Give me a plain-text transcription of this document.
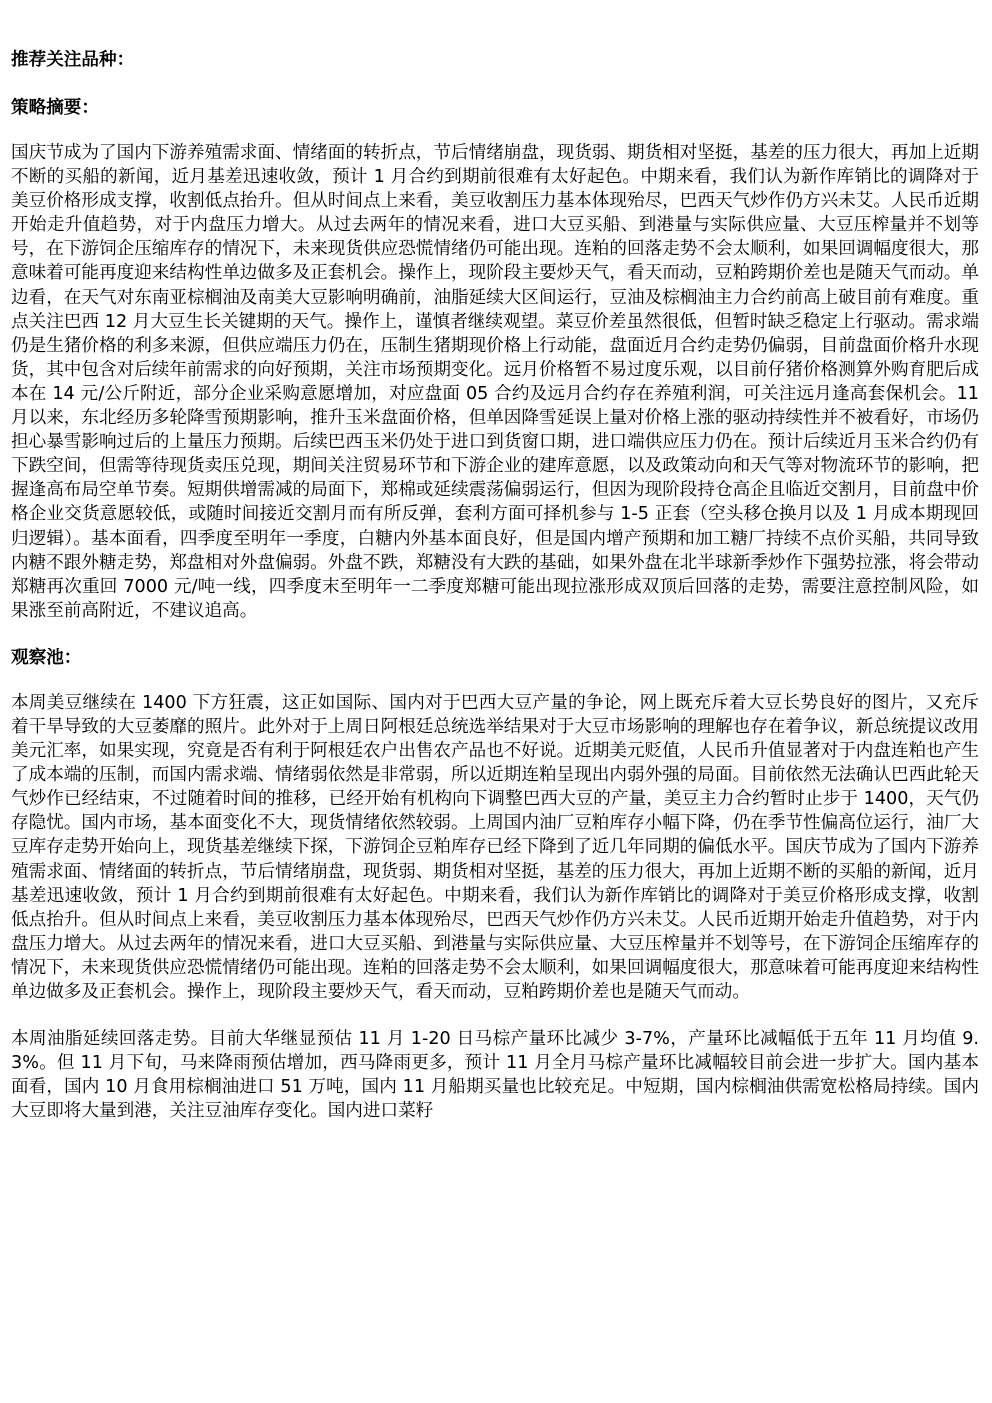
推荐关注品种：

策略摘要：

国庆节成为了国内下游养殖需求面、情绪面的转折点，节后情绪崩盘，现货弱、期货相对坚挺，基差的压力很大，再加上近期不断的买船的新闻，近月基差迅速收敛，预计 1 月合约到期前很难有太好起色。中期来看，我们认为新作库销比的调降对于美豆价格形成支撑，收割低点抬升。但从时间点上来看，美豆收割压力基本体现殆尽，巴西天气炒作仍方兴未艾。人民币近期开始走升值趋势，对于内盘压力增大。从过去两年的情况来看，进口大豆买船、到港量与实际供应量、大豆压榨量并不划等号，在下游饲企压缩库存的情况下，未来现货供应恐慌情绪仍可能出现。连粕的回落走势不会太顺利，如果回调幅度很大，那意味着可能再度迎来结构性单边做多及正套机会。操作上，现阶段主要炒天气，看天而动，豆粕跨期价差也是随天气而动。单边看，在天气对东南亚棕榈油及南美大豆影响明确前，油脂延续大区间运行，豆油及棕榈油主力合约前高上破目前有难度。重点关注巴西 12 月大豆生长关键期的天气。操作上，谨慎者继续观望。菜豆价差虽然很低，但暂时缺乏稳定上行驱动。需求端仍是生猪价格的利多来源，但供应端压力仍在，压制生猪期现价格上行动能，盘面近月合约走势仍偏弱，目前盘面价格升水现货，其中包含对后续年前需求的向好预期，关注市场预期变化。远月价格暂不易过度乐观，以目前仔猪价格测算外购育肥后成本在 14 元/公斤附近，部分企业采购意愿增加，对应盘面 05 合约及远月合约存在养殖利润，可关注远月逢高套保机会。11 月以来，东北经历多轮降雪预期影响，推升玉米盘面价格，但单因降雪延误上量对价格上涨的驱动持续性并不被看好，市场仍担心暴雪影响过后的上量压力预期。后续巴西玉米仍处于进口到货窗口期，进口端供应压力仍在。预计后续近月玉米合约仍有下跌空间，但需等待现货卖压兑现，期间关注贸易环节和下游企业的建库意愿，以及政策动向和天气等对物流环节的影响，把握逢高布局空单节奏。短期供增需减的局面下，郑棉或延续震荡偏弱运行，但因为现阶段持仓高企且临近交割月，目前盘中价格企业交货意愿较低，或随时间接近交割月而有所反弹，套利方面可择机参与 1-5 正套（空头移仓换月以及 1 月成本期现回归逻辑）。基本面看，四季度至明年一季度，白糖内外基本面良好，但是国内增产预期和加工糖厂持续不点价买船，共同导致内糖不跟外糖走势，郑盘相对外盘偏弱。外盘不跌，郑糖没有大跌的基础，如果外盘在北半球新季炒作下强势拉涨，将会带动郑糖再次重回 7000 元/吨一线，四季度末至明年一二季度郑糖可能出现拉涨形成双顶后回落的走势，需要注意控制风险，如果涨至前高附近，不建议追高。

观察池：

本周美豆继续在 1400 下方狂震，这正如国际、国内对于巴西大豆产量的争论，网上既充斥着大豆长势良好的图片，又充斥着干旱导致的大豆萎靡的照片。此外对于上周日阿根廷总统选举结果对于大豆市场影响的理解也存在着争议，新总统提议改用美元汇率，如果实现，究竟是否有利于阿根廷农户出售农产品也不好说。近期美元贬值，人民币升值显著对于内盘连粕也产生了成本端的压制，而国内需求端、情绪弱依然是非常弱，所以近期连粕呈现出内弱外强的局面。目前依然无法确认巴西此轮天气炒作已经结束，不过随着时间的推移，已经开始有机构向下调整巴西大豆的产量，美豆主力合约暂时止步于 1400，天气仍存隐忧。国内市场，基本面变化不大，现货情绪依然较弱。上周国内油厂豆粕库存小幅下降，仍在季节性偏高位运行，油厂大豆库存走势开始向上，现货基差继续下探，下游饲企豆粕库存已经下降到了近几年同期的偏低水平。国庆节成为了国内下游养殖需求面、情绪面的转折点，节后情绪崩盘，现货弱、期货相对坚挺，基差的压力很大，再加上近期不断的买船的新闻，近月基差迅速收敛，预计 1 月合约到期前很难有太好起色。中期来看，我们认为新作库销比的调降对于美豆价格形成支撑，收割低点抬升。但从时间点上来看，美豆收割压力基本体现殆尽，巴西天气炒作仍方兴未艾。人民币近期开始走升值趋势，对于内盘压力增大。从过去两年的情况来看，进口大豆买船、到港量与实际供应量、大豆压榨量并不划等号，在下游饲企压缩库存的情况下，未来现货供应恐慌情绪仍可能出现。连粕的回落走势不会太顺利，如果回调幅度很大，那意味着可能再度迎来结构性单边做多及正套机会。操作上，现阶段主要炒天气，看天而动，豆粕跨期价差也是随天气而动。

本周油脂延续回落走势。目前大华继显预估 11 月 1-20 日马棕产量环比减少 3-7%，产量环比减幅低于五年 11 月均值 9.3%。但 11 月下旬，马来降雨预估增加，西马降雨更多，预计 11 月全月马棕产量环比减幅较目前会进一步扩大。国内基本面看，国内 10 月食用棕榈油进口 51 万吨，国内 11 月船期买量也比较充足。中短期，国内棕榈油供需宽松格局持续。国内大豆即将大量到港，关注豆油库存变化。国内进口菜籽
